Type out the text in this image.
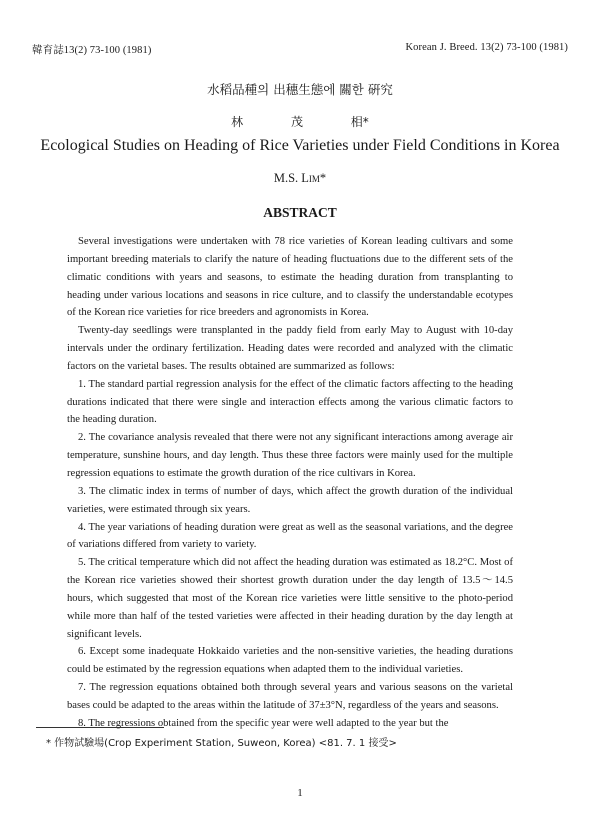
韓育誌13(2) 73-100 (1981)	Korean J. Breed. 13(2) 73-100 (1981)
水稻品種의 出穗生態에 關한 硏究
林 茂 相*
Ecological Studies on Heading of Rice Varieties under Field Conditions in Korea
M.S. Lim*
ABSTRACT

Several investigations were undertaken with 78 rice varieties of Korean leading cultivars and some important breeding materials to clarify the nature of heading fluctuations due to the different sets of the climatic conditions with years and seasons, to estimate the heading duration from transplanting to heading under various locations and seasons in rice culture, and to classify the understandable ecotypes of the Korean rice varieties for rice breeders and agronomists in Korea.

Twenty-day seedlings were transplanted in the paddy field from early May to August with 10-day intervals under the ordinary fertilization. Heading dates were recorded and analyzed with the climatic factors on the varietal bases. The results obtained are summarized as follows:

1. The standard partial regression analysis for the effect of the climatic factors affecting to the heading durations indicated that there were single and interaction effects among the various climatic factors to the heading duration.

2. The covariance analysis revealed that there were not any significant interactions among average air temperature, sunshine hours, and day length. Thus these three factors were mainly used for the multiple regression equations to estimate the growth duration of the rice cultivars in Korea.

3. The climatic index in terms of number of days, which affect the growth duration of the individual varieties, were estimated through six years.

4. The year variations of heading duration were great as well as the seasonal variations, and the degree of variations differed from variety to variety.

5. The critical temperature which did not affect the heading duration was estimated as 18.2°C. Most of the Korean rice varieties showed their shortest growth duration under the day length of 13.5～14.5 hours, which suggested that most of the Korean rice varieties were little sensitive to the photo-period while more than half of the tested varieties were affected in their heading duration by the day length at significant levels.

6. Except some inadequate Hokkaido varieties and the non-sensitive varieties, the heading durations could be estimated by the regression equations when adapted them to the individual varieties.

7. The regression equations obtained both through several years and various seasons on the varietal bases could be adapted to the areas within the latitude of 37±3°N, regardless of the years and seasons.

8. The regressions obtained from the specific year were well adapted to the year but the

* 作物試驗場(Crop Experiment Station, Suweon, Korea) <81. 7. 1 接受>
1
